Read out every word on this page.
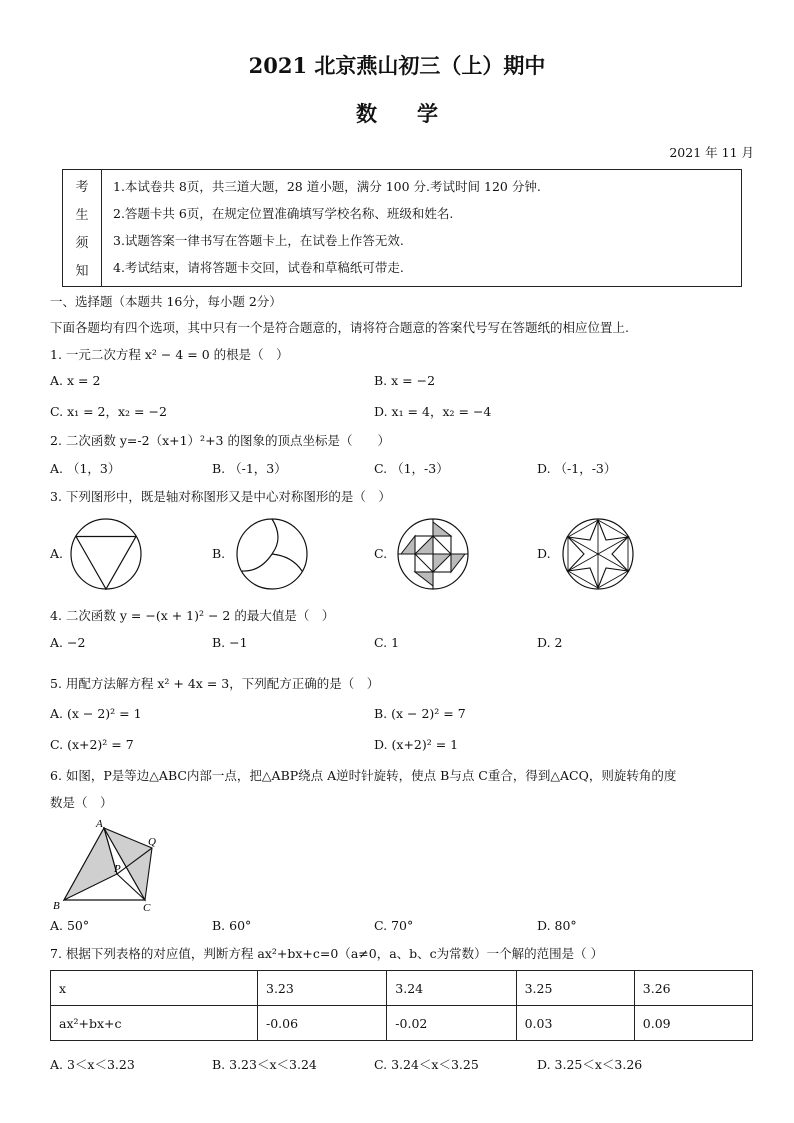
2021 北京燕山初三（上）期中
数学
2021 年 11 月
考
生
须
知
1.本试卷共 8页，共三道大题，28 道小题，满分 100 分.考试时间 120 分钟.
2.答题卡共 6页，在规定位置准确填写学校名称、班级和姓名.
3.试题答案一律书写在答题卡上，在试卷上作答无效.
4.考试结束，请将答题卡交回，试卷和草稿纸可带走.
一、选择题（本题共 16分，每小题 2分）
下面各题均有四个选项，其中只有一个是符合题意的，请将符合题意的答案代号写在答题纸的相应位置上.
1. 一元二次方程 x² − 4 = 0 的根是（　）
A. x = 2	B. x = −2
C. x₁ = 2，x₂ = −2	D. x₁ = 4，x₂ = −4
2. 二次函数 y=-2（x+1）²+3 的图象的顶点坐标是（　　）
A. （1，3）	B. （-1，3）	C. （1，-3）	D. （-1，-3）
3. 下列图形中，既是轴对称图形又是中心对称图形的是（　）
A.	B.	C.	D.
4. 二次函数 y = −(x + 1)² − 2 的最大值是（　）
A. −2	B. −1	C. 1	D. 2
5. 用配方法解方程 x² + 4x = 3，下列配方正确的是（　）
A. (x − 2)² = 1	B. (x − 2)² = 7
C. (x+2)² = 7	D. (x+2)² = 1
6. 如图，P是等边△ABC内部一点，把△ABP绕点 A逆时针旋转，使点 B与点 C重合，得到△ACQ，则旋转角的度
数是（　）
A
Q
P
B	C
A. 50°	B. 60°	C. 70°	D. 80°
7. 根据下列表格的对应值，判断方程 ax²+bx+c=0（a≠0，a、b、c为常数）一个解的范围是（ ）
x	3.23	3.24	3.25	3.26
ax²+bx+c	-0.06	-0.02	0.03	0.09
A. 3＜x＜3.23	B. 3.23＜x＜3.24	C. 3.24＜x＜3.25	D. 3.25＜x＜3.26
